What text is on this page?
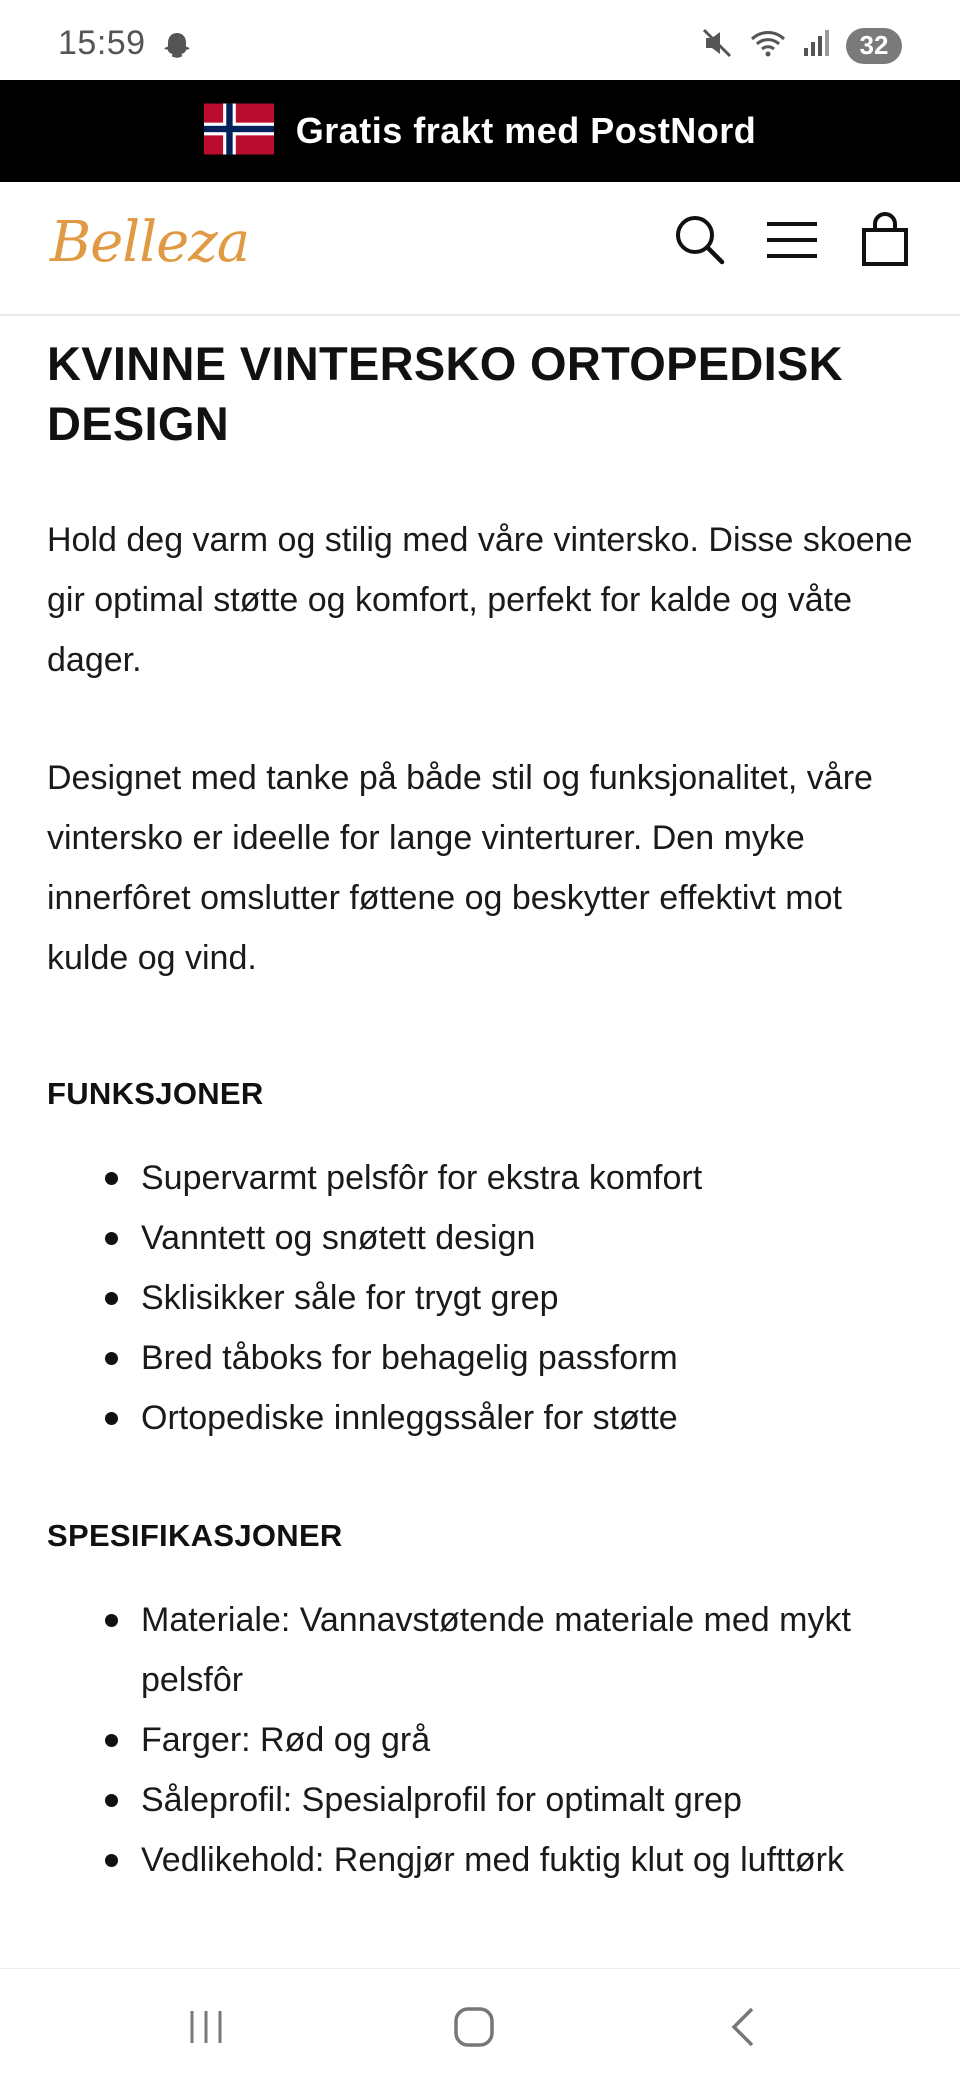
15:59	32
Gratis frakt med PostNord
Belleza
KVINNE VINTERSKO ORTOPEDISK DESIGN

Hold deg varm og stilig med våre vintersko. Disse skoene gir optimal støtte og komfort, perfekt for kalde og våte dager.

Designet med tanke på både stil og funksjonalitet, våre vintersko er ideelle for lange vinterturer. Den myke innerfôret omslutter føttene og beskytter effektivt mot kulde og vind.

FUNKSJONER
Supervarmt pelsfôr for ekstra komfort
Vanntett og snøtett design
Sklisikker såle for trygt grep
Bred tåboks for behagelig passform
Ortopediske innleggssåler for støtte
SPESIFIKASJONER
Materiale: Vannavstøtende materiale med mykt pelsfôr
Farger: Rød og grå
Såleprofil: Spesialprofil for optimalt grep
Vedlikehold: Rengjør med fuktig klut og lufttørk
